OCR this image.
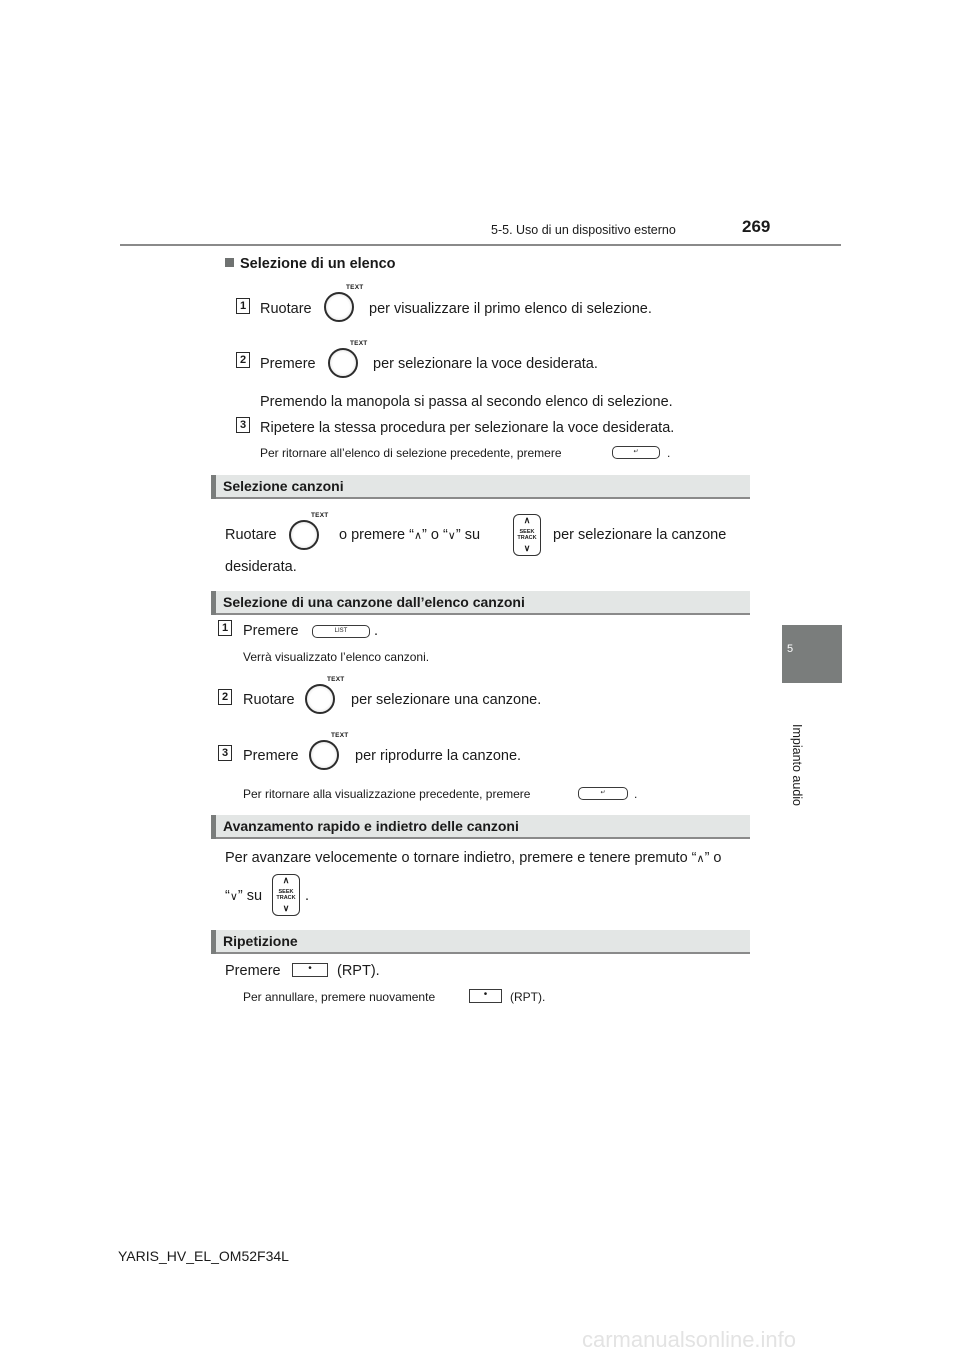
5-5. Uso di un dispositivo esterno	269
5
Impianto audio
Selezione di un elenco
1 Ruotare
TEXT
per visualizzare il primo elenco di selezione.
2 Premere
TEXT
per selezionare la voce desiderata.
Premendo la manopola si passa al secondo elenco di selezione.
3 Ripetere la stessa procedura per selezionare la voce desiderata.
Per ritornare all’elenco di selezione precedente, premere	↵	.
Selezione canzoni
Ruotare
TEXT
o premere “∧” o “∨” su
∧
SEEK
TRACK
∨
per selezionare la canzone
desiderata.
Selezione di una canzone dall’elenco canzoni
1 Premere	LIST	.
Verrà visualizzato l’elenco canzoni.
2 Ruotare
TEXT
per selezionare una canzone.
3 Premere
TEXT
per riprodurre la canzone.
Per ritornare alla visualizzazione precedente, premere	↵	.
Avanzamento rapido e indietro delle canzoni
Per avanzare velocemente o tornare indietro, premere e tenere premuto “∧” o
“∨” su
∧
SEEK
TRACK
∨
.
Ripetizione
Premere	•	(RPT).
Per annullare, premere nuovamente	•	(RPT).
YARIS_HV_EL_OM52F34L
carmanualsonline.info
